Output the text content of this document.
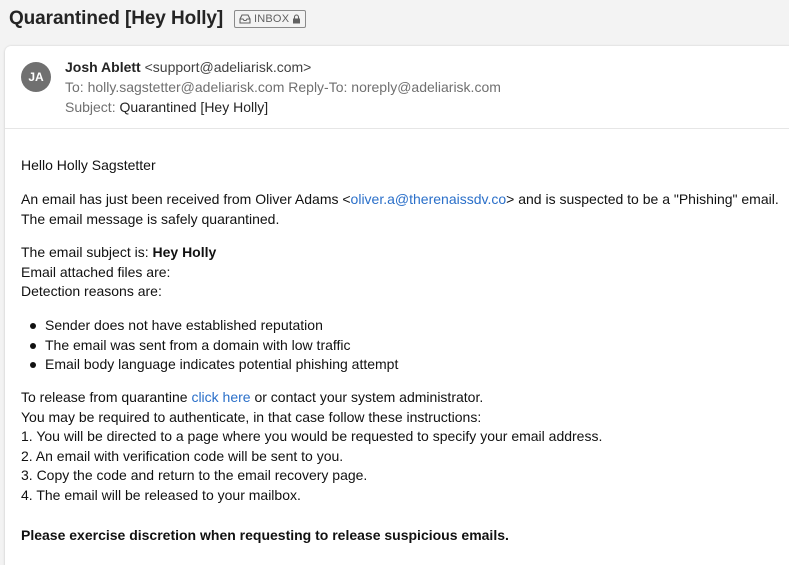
Quarantined [Hey Holly]	INBOX
JA
Josh Ablett <support@adeliarisk.com>
To: holly.sagstetter@adeliarisk.com Reply-To: noreply@adeliarisk.com
Subject: Quarantined [Hey Holly]
Hello Holly Sagstetter
An email has just been received from Oliver Adams <oliver.a@therenaissdv.co> and is suspected to be a "Phishing" email.
The email message is safely quarantined.
The email subject is: Hey Holly
Email attached files are:
Detection reasons are:
Sender does not have established reputation
The email was sent from a domain with low traffic
Email body language indicates potential phishing attempt
To release from quarantine click here or contact your system administrator.
You may be required to authenticate, in that case follow these instructions:
1. You will be directed to a page where you would be requested to specify your email address.
2. An email with verification code will be sent to you.
3. Copy the code and return to the email recovery page.
4. The email will be released to your mailbox.
Please exercise discretion when requesting to release suspicious emails.
